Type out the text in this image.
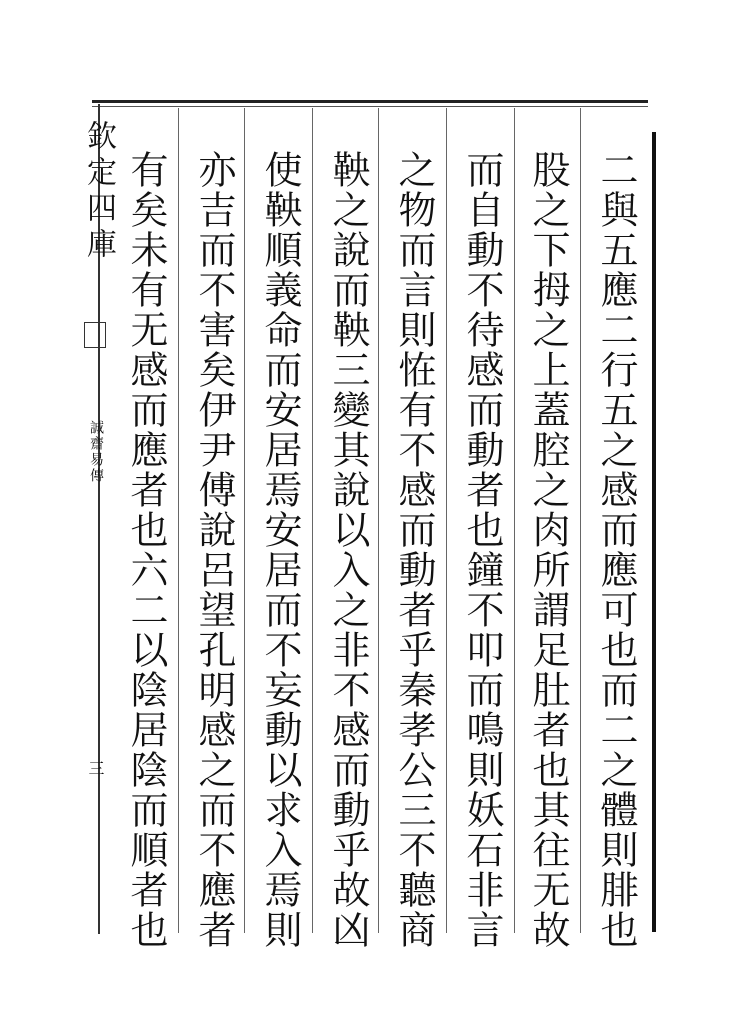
二與五應二行五之感而應可也而二之體則腓也
股之下拇之上蓋腔之肉所謂足肚者也其往无故
而自動不待感而動者也鐘不叩而鳴則妖石非言
之物而言則恠有不感而動者乎秦孝公三不聽商
鞅之說而鞅三變其說以入之非不感而動乎故凶
使鞅順義命而安居焉安居而不妄動以求入焉則
亦吉而不害矣伊尹傅說呂望孔明感之而不應者
有矣未有无感而應者也六二以陰居陰而順者也
欽定四庫
誠齋易傳
三
